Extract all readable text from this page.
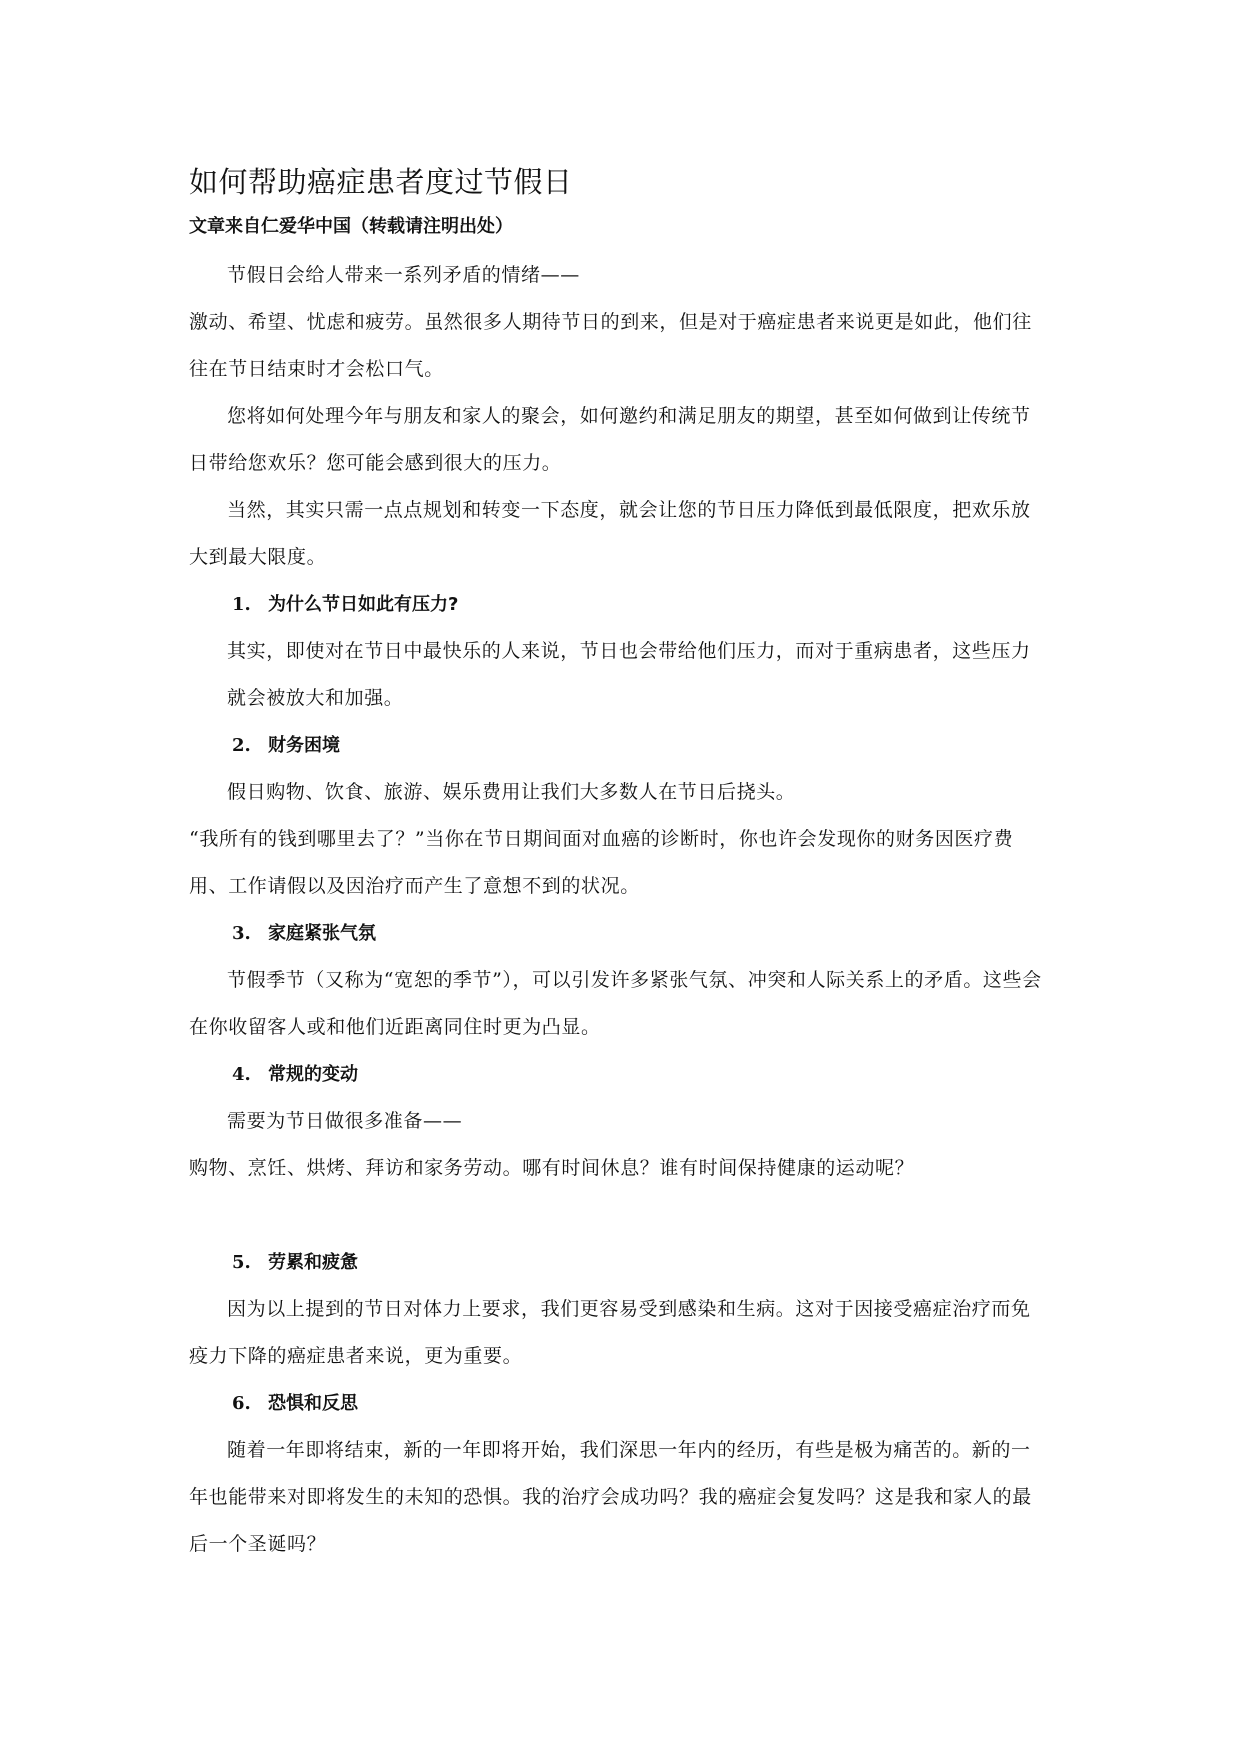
如何帮助癌症患者度过节假日
文章来自仁爱华中国（转载请注明出处）

节假日会给人带来一系列矛盾的情绪——

激动、希望、忧虑和疲劳。虽然很多人期待节日的到来，但是对于癌症患者来说更是如此，他们往往在节日结束时才会松口气。

您将如何处理今年与朋友和家人的聚会，如何邀约和满足朋友的期望，甚至如何做到让传统节日带给您欢乐？您可能会感到很大的压力。

当然，其实只需一点点规划和转变一下态度，就会让您的节日压力降低到最低限度，把欢乐放大到最大限度。

1. 为什么节日如此有压力?

其实，即使对在节日中最快乐的人来说，节日也会带给他们压力，而对于重病患者，这些压力就会被放大和加强。

2. 财务困境

假日购物、饮食、旅游、娱乐费用让我们大多数人在节日后挠头。

“我所有的钱到哪里去了？”当你在节日期间面对血癌的诊断时，你也许会发现你的财务因医疗费用、工作请假以及因治疗而产生了意想不到的状况。

3. 家庭紧张气氛

节假季节（又称为“宽恕的季节”），可以引发许多紧张气氛、冲突和人际关系上的矛盾。这些会在你收留客人或和他们近距离同住时更为凸显。

4. 常规的变动

需要为节日做很多准备——

购物、烹饪、烘烤、拜访和家务劳动。哪有时间休息？谁有时间保持健康的运动呢？

5. 劳累和疲惫

因为以上提到的节日对体力上要求，我们更容易受到感染和生病。这对于因接受癌症治疗而免疫力下降的癌症患者来说，更为重要。

6. 恐惧和反思

随着一年即将结束，新的一年即将开始，我们深思一年内的经历，有些是极为痛苦的。新的一年也能带来对即将发生的未知的恐惧。我的治疗会成功吗？我的癌症会复发吗？这是我和家人的最后一个圣诞吗？
